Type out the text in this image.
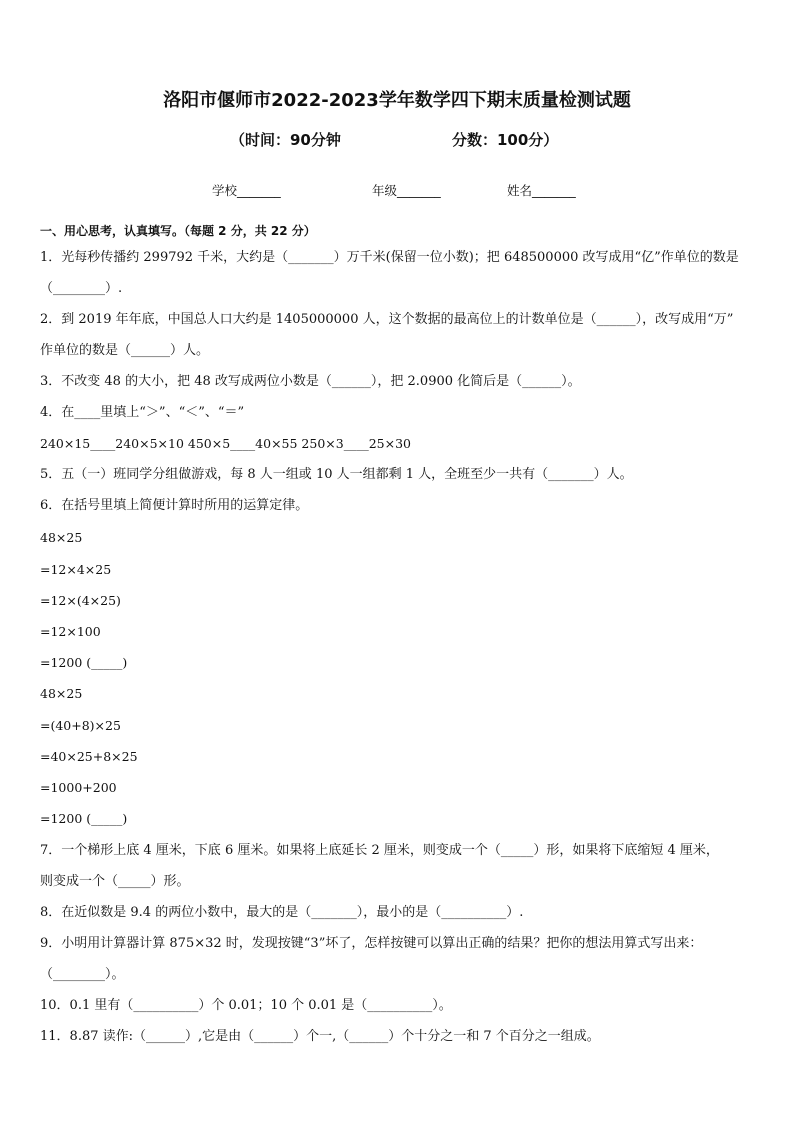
洛阳市偃师市2022-2023学年数学四下期末质量检测试题
（时间：90分钟	分数：100分）
学校_______	年级_______	姓名_______
一、用心思考，认真填写。（每题 2 分，共 22 分）
1．光每秒传播约 299792 千米，大约是（_______）万千米(保留一位小数)；把 648500000 改写成用“亿”作单位的数是
（________）.
2．到 2019 年年底，中国总人口大约是 1405000000 人，这个数据的最高位上的计数单位是（______），改写成用“万”
作单位的数是（______）人。
3．不改变 48 的大小，把 48 改写成两位小数是（______），把 2.0900 化简后是（______）。
4．在____里填上“＞”、“＜”、“＝”
240×15____240×5×10 450×5____40×55 250×3____25×30
5．五（一）班同学分组做游戏，每 8 人一组或 10 人一组都剩 1 人，全班至少一共有（_______）人。
6．在括号里填上简便计算时所用的运算定律。
48×25
=12×4×25
=12×(4×25)
=12×100
=1200 (_____)
48×25
=(40+8)×25
=40×25+8×25
=1000+200
=1200 (_____)
7．一个梯形上底 4 厘米，下底 6 厘米。如果将上底延长 2 厘米，则变成一个（_____）形，如果将下底缩短 4 厘米，
则变成一个（_____）形。
8．在近似数是 9.4 的两位小数中，最大的是（_______），最小的是（__________）.
9．小明用计算器计算 875×32 时，发现按键“3”坏了，怎样按键可以算出正确的结果？把你的想法用算式写出来：
（________）。
10．0.1 里有（__________）个 0.01；10 个 0.01 是（__________）。
11．8.87 读作:（______）,它是由（______）个一,（______）个十分之一和 7 个百分之一组成。
